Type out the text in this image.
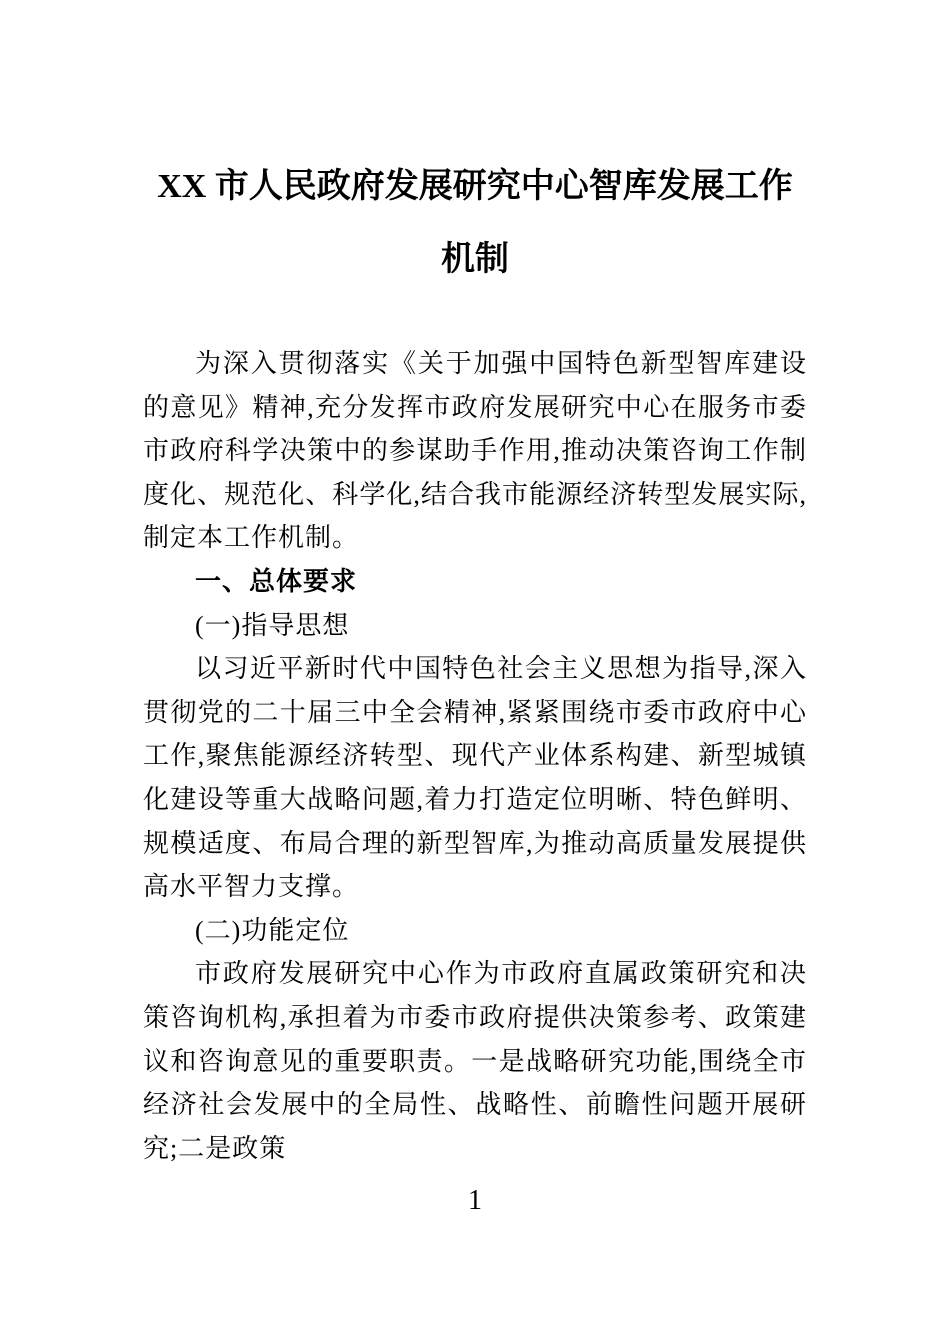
XX 市人民政府发展研究中心智库发展工作
机制

为深入贯彻落实《关于加强中国特色新型智库建设的意见》精神,充分发挥市政府发展研究中心在服务市委市政府科学决策中的参谋助手作用,推动决策咨询工作制度化、规范化、科学化,结合我市能源经济转型发展实际,制定本工作机制。

一、总体要求

(一)指导思想

以习近平新时代中国特色社会主义思想为指导,深入贯彻党的二十届三中全会精神,紧紧围绕市委市政府中心工作,聚焦能源经济转型、现代产业体系构建、新型城镇化建设等重大战略问题,着力打造定位明晰、特色鲜明、规模适度、布局合理的新型智库,为推动高质量发展提供高水平智力支撑。

(二)功能定位

市政府发展研究中心作为市政府直属政策研究和决策咨询机构,承担着为市委市政府提供决策参考、政策建议和咨询意见的重要职责。一是战略研究功能,围绕全市经济社会发展中的全局性、战略性、前瞻性问题开展研究;二是政策

1
